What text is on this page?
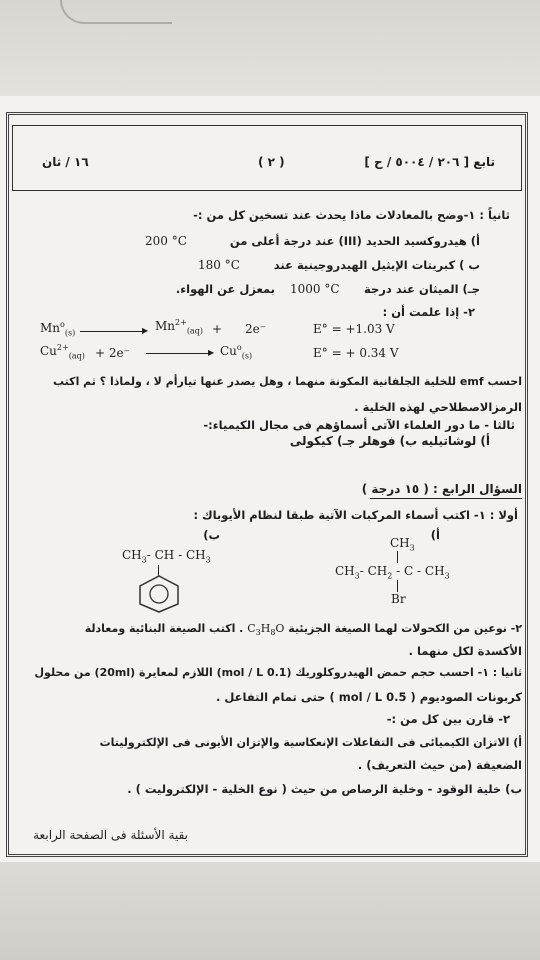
١٦ / ثان	( ٢ )	تابع [ ٢٠٦ / ٥٠٠٤ / ح ]
ثانياً : ١-وضح بالمعادلات ماذا يحدث عند تسخين كل من :-
أ) هيدروكسيد الحديد (III) عند درجة أعلى من
200 °C
ب ) كبريتات الإيثيل الهيدروجينية عند
180 °C
جـ) الميثان عند درجة
1000 °C
بمعزل عن الهواء.
٢- إذا علمت أن :
$Mn^o_{(s)}$	▶ $Mn^{2+}_{(aq)} + 2e^-$	E° = +1.03 V
$Cu^{2+}_{(aq)} + 2e^-$	▶ $Cu^o_{(s)}$	E° = + 0.34 V
احسب emf للخلية الجلفانية المكونة منهما ، وهل يصدر عنها تيارأم لا ، ولماذا ؟ ثم اكتب
الرمزالاصطلاحي لهذه الخلية .
ثالثا - ما دور العلماء الآتى أسماؤهم فى مجال الكيمياء:-
أ) لوشاتيليه ب) فوهلر جـ) كيكولى
السؤال الرابع : ( ١٥ درجة )
أولا : ١- اكتب أسماء المركبات الآتية طبقا لنظام الأيوباك :
أ)
ب)
$CH_3$
$CH_3-$ $CH_2$ - C - $CH_3$
Br
$CH_3-$ CH - $CH_3$
٢- نوعين من الكحولات لهما الصيغة الجزيئية $C_3H_8O$ . اكتب الصيغة البنائية ومعادلة
الأكسدة لكل منهما .
ثانيا : ١- احسب حجم حمض الهيدروكلوريك (0.1 mol / L) اللازم لمعايرة (20ml) من محلول
كربونات الصوديوم ( 0.5 mol / L ) حتى تمام التفاعل .
٢- قارن بين كل من :-
أ) الاتزان الكيميائى فى التفاعلات الإنعكاسية والإتزان الأيونى فى الإلكتروليتات
الضعيفة (من حيث التعريف) .
ب) خلية الوقود - وخلية الرصاص من حيث ( نوع الخلية - الإلكتروليت ) .
بقية الأسئلة فى الصفحة الرابعة
